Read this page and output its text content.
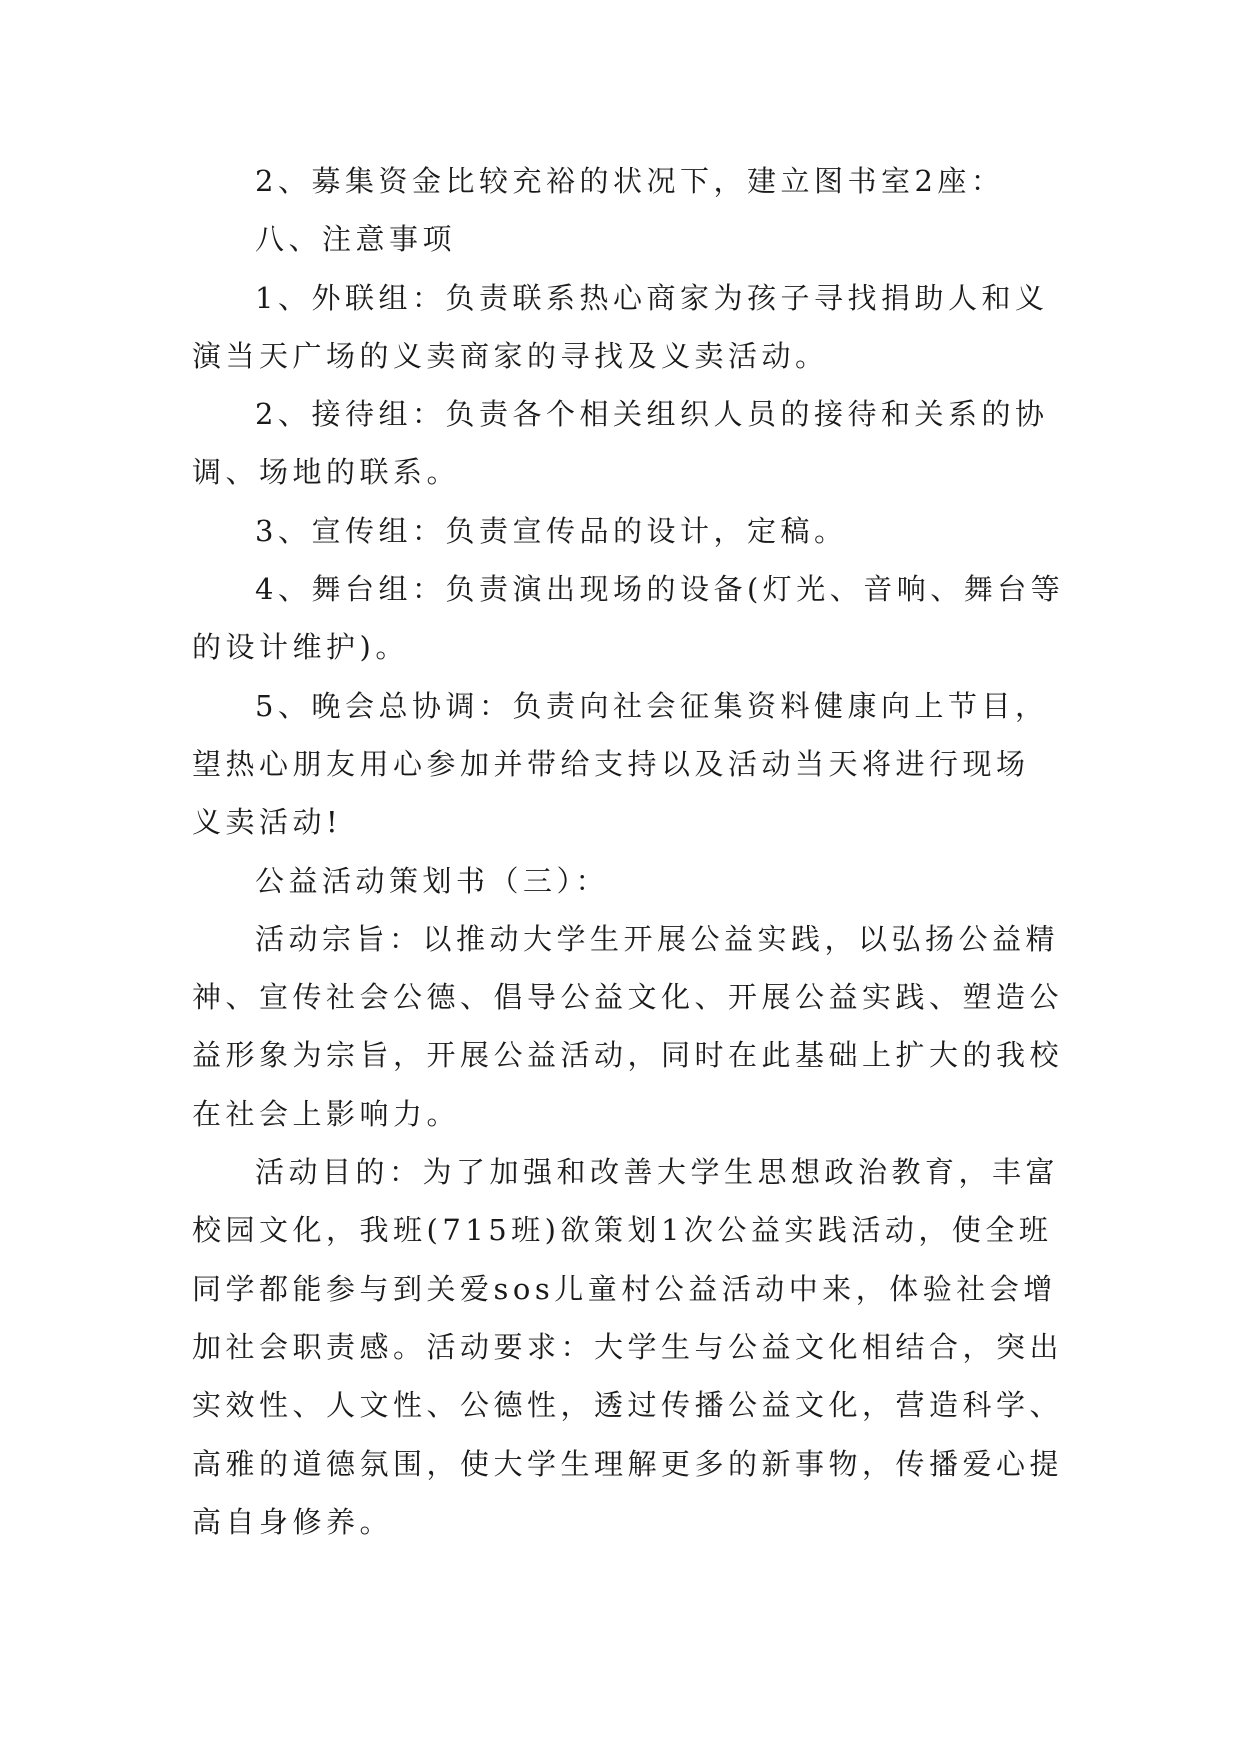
2、募集资金比较充裕的状况下，建立图书室2座：
八、注意事项
1、外联组：负责联系热心商家为孩子寻找捐助人和义
演当天广场的义卖商家的寻找及义卖活动。
2、接待组：负责各个相关组织人员的接待和关系的协
调、场地的联系。
3、宣传组：负责宣传品的设计，定稿。
4、舞台组：负责演出现场的设备(灯光、音响、舞台等
的设计维护)。
5、晚会总协调：负责向社会征集资料健康向上节目，
望热心朋友用心参加并带给支持以及活动当天将进行现场
义卖活动!
公益活动策划书（三）：
活动宗旨：以推动大学生开展公益实践，以弘扬公益精
神、宣传社会公德、倡导公益文化、开展公益实践、塑造公
益形象为宗旨，开展公益活动，同时在此基础上扩大的我校
在社会上影响力。
活动目的：为了加强和改善大学生思想政治教育，丰富
校园文化，我班(715班)欲策划1次公益实践活动，使全班
同学都能参与到关爱sos儿童村公益活动中来，体验社会增
加社会职责感。活动要求：大学生与公益文化相结合，突出
实效性、人文性、公德性，透过传播公益文化，营造科学、
高雅的道德氛围，使大学生理解更多的新事物，传播爱心提
高自身修养。
